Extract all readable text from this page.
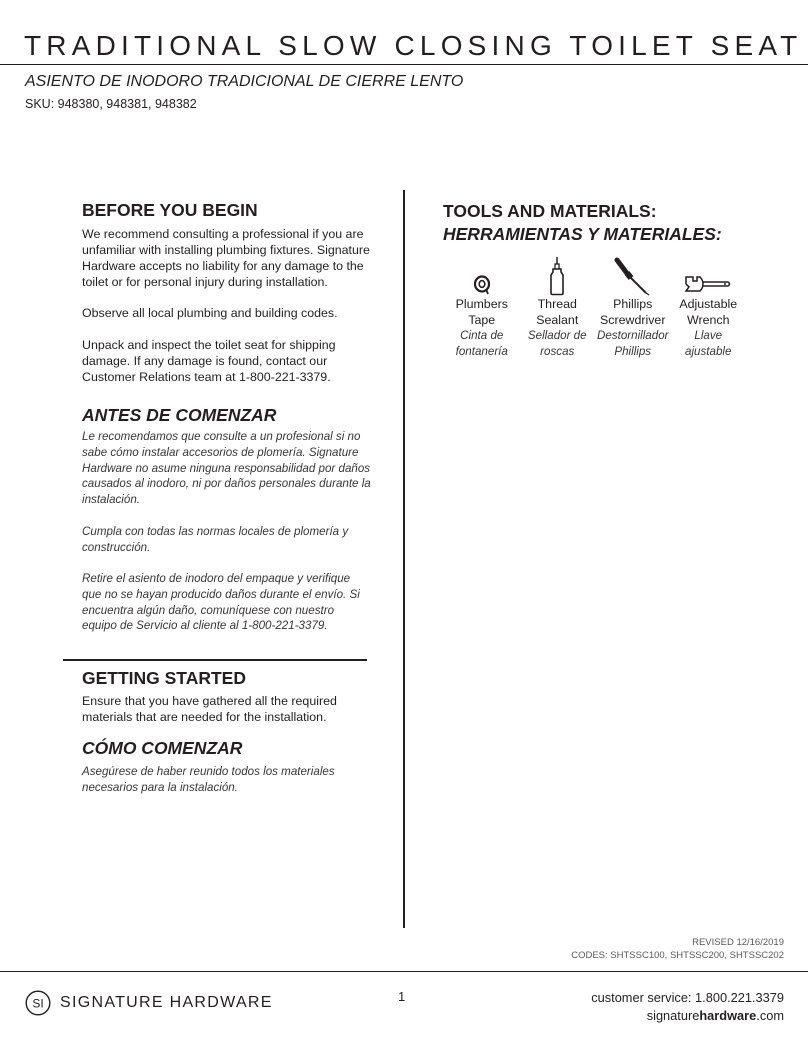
TRADITIONAL SLOW CLOSING TOILET SEAT
ASIENTO DE INODORO TRADICIONAL DE CIERRE LENTO
SKU: 948380, 948381, 948382
BEFORE YOU BEGIN
We recommend consulting a professional if you are unfamiliar with installing plumbing fixtures. Signature Hardware accepts no liability for any damage to the toilet or for personal injury during installation.
Observe all local plumbing and building codes.
Unpack and inspect the toilet seat for shipping damage. If any damage is found, contact our Customer Relations team at 1-800-221-3379.
ANTES DE COMENZAR
Le recomendamos que consulte a un profesional si no sabe cómo instalar accesorios de plomería. Signature Hardware no asume ninguna responsabilidad por daños causados al inodoro, ni por daños personales durante la instalación.
Cumpla con todas las normas locales de plomería y construcción.
Retire el asiento de inodoro del empaque y verifique que no se hayan producido daños durante el envío. Si encuentra algún daño, comuníquese con nuestro equipo de Servicio al cliente al 1-800-221-3379.
GETTING STARTED
Ensure that you have gathered all the required materials that are needed for the installation.
CÓMO COMENZAR
Asegúrese de haber reunido todos los materiales necesarios para la instalación.
TOOLS AND MATERIALS:
HERRAMIENTAS Y MATERIALES:
Plumbers
Tape
Cinta de
fontanería
Thread
Sealant
Sellador de
roscas
Phillips
Screwdriver
Destornillador
Phillips
Adjustable
Wrench
Llave
ajustable
REVISED 12/16/2019
CODES: SHTSSC100, SHTSSC200, SHTSSC202
SI SIGNATURE HARDWARE	1	customer service: 1.800.221.3379
signaturehardware.com
